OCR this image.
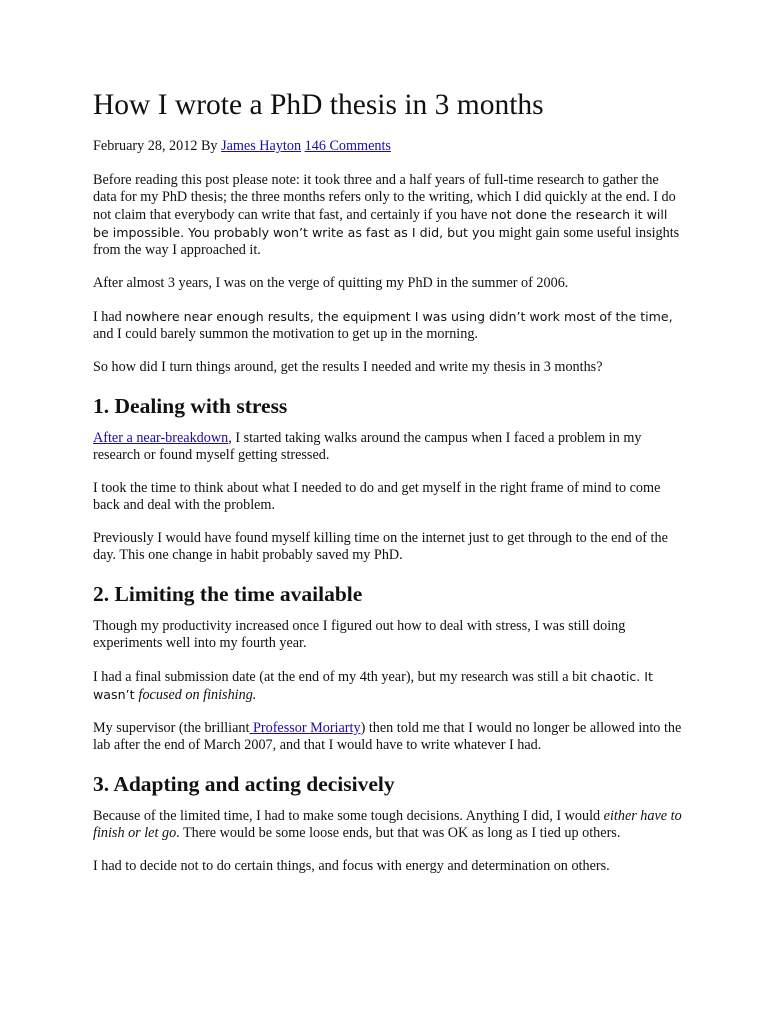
How I wrote a PhD thesis in 3 months
February 28, 2012 By James Hayton 146 Comments

Before reading this post please note: it took three and a half years of full-time research to gather the data for my PhD thesis; the three months refers only to the writing, which I did quickly at the end. I do not claim that everybody can write that fast, and certainly if you have not done the research it will be impossible. You probably won’t write as fast as I did, but you might gain some useful insights from the way I approached it.

After almost 3 years, I was on the verge of quitting my PhD in the summer of 2006.

I had nowhere near enough results, the equipment I was using didn’t work most of the time, and I could barely summon the motivation to get up in the morning.

So how did I turn things around, get the results I needed and write my thesis in 3 months?

1. Dealing with stress

After a near-breakdown, I started taking walks around the campus when I faced a problem in my research or found myself getting stressed.

I took the time to think about what I needed to do and get myself in the right frame of mind to come back and deal with the problem.

Previously I would have found myself killing time on the internet just to get through to the end of the day. This one change in habit probably saved my PhD.

2. Limiting the time available

Though my productivity increased once I figured out how to deal with stress, I was still doing experiments well into my fourth year.

I had a final submission date (at the end of my 4th year), but my research was still a bit chaotic. It wasn’t focused on finishing.

My supervisor (the brilliant Professor Moriarty) then told me that I would no longer be allowed into the lab after the end of March 2007, and that I would have to write whatever I had.

3. Adapting and acting decisively

Because of the limited time, I had to make some tough decisions. Anything I did, I would either have to finish or let go. There would be some loose ends, but that was OK as long as I tied up others.

I had to decide not to do certain things, and focus with energy and determination on others.
